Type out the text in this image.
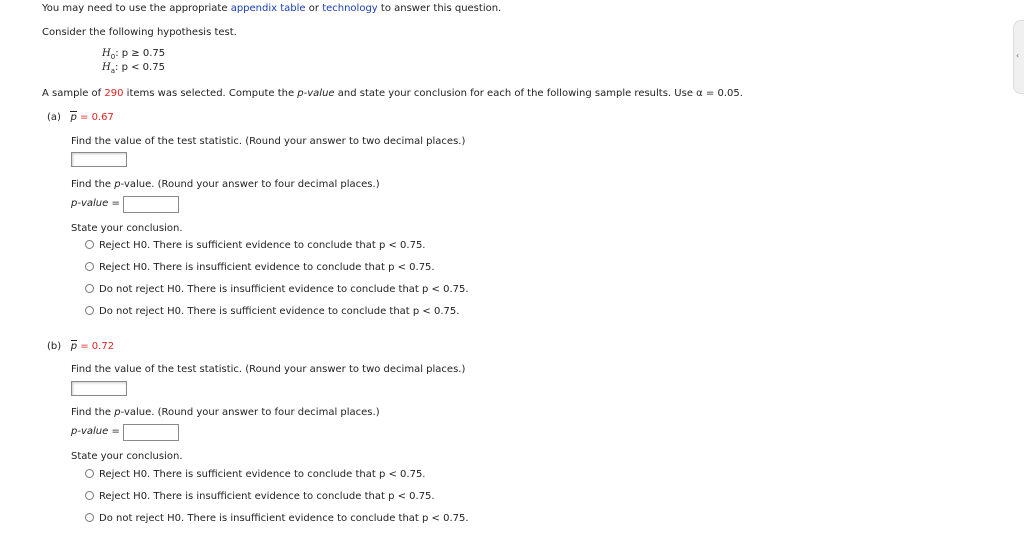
You may need to use the appropriate appendix table or technology to answer this question.
Consider the following hypothesis test.
$H_0$: p ≥ 0.75
$H_a$: p < 0.75
A sample of 290 items was selected. Compute the p-value and state your conclusion for each of the following sample results. Use α = 0.05.
(a) p = 0.67
Find the value of the test statistic. (Round your answer to two decimal places.)
Find the p-value. (Round your answer to four decimal places.)
p-value =
State your conclusion.
Reject H0. There is sufficient evidence to conclude that p < 0.75.
Reject H0. There is insufficient evidence to conclude that p < 0.75.
Do not reject H0. There is insufficient evidence to conclude that p < 0.75.
Do not reject H0. There is sufficient evidence to conclude that p < 0.75.
(b) p = 0.72
Find the value of the test statistic. (Round your answer to two decimal places.)
Find the p-value. (Round your answer to four decimal places.)
p-value =
State your conclusion.
Reject H0. There is sufficient evidence to conclude that p < 0.75.
Reject H0. There is insufficient evidence to conclude that p < 0.75.
Do not reject H0. There is insufficient evidence to conclude that p < 0.75.
‹
